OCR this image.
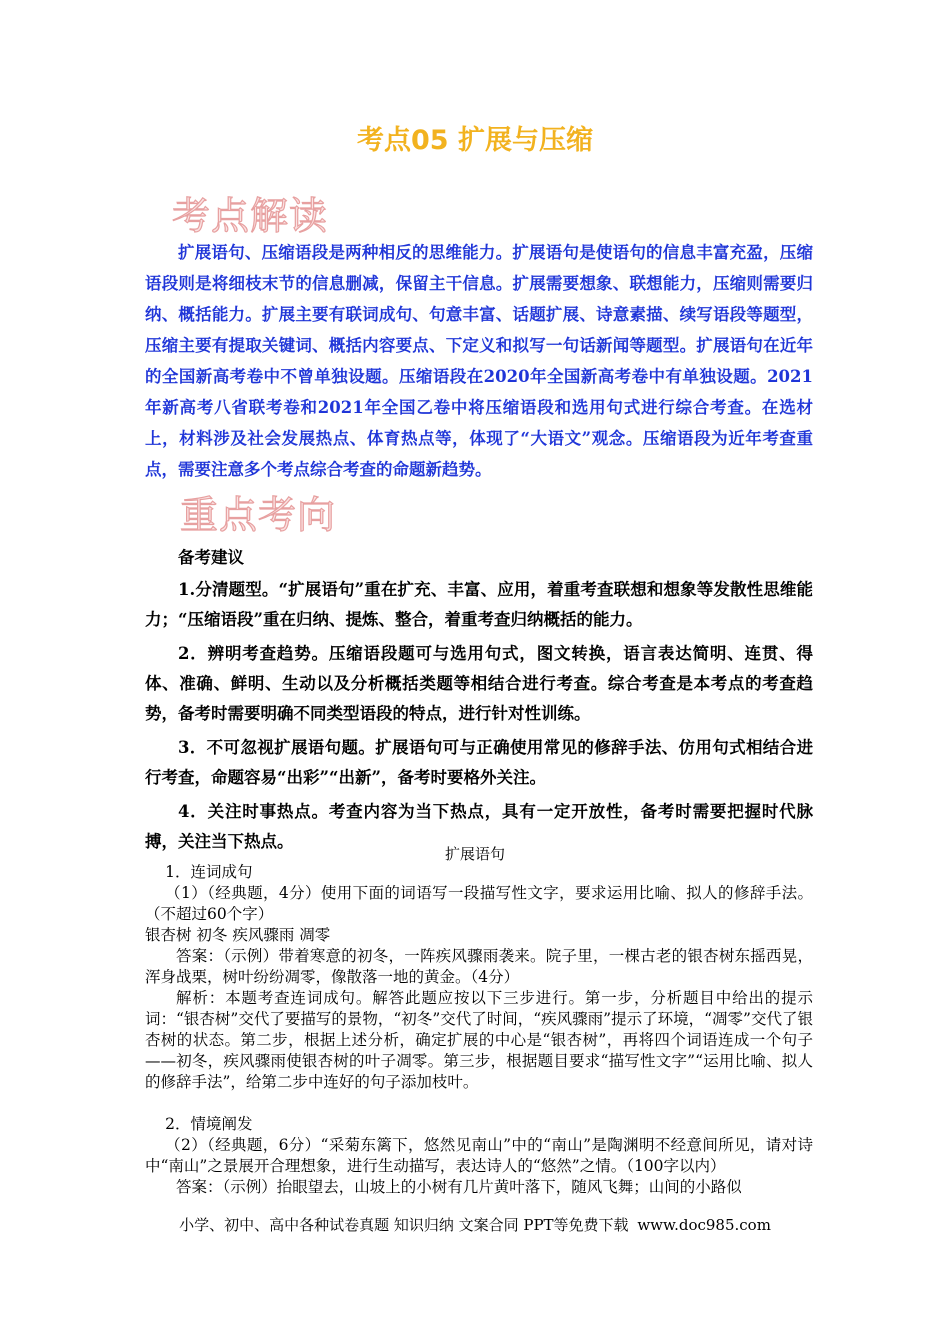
考点05 扩展与压缩
考点解读

扩展语句、压缩语段是两种相反的思维能力。扩展语句是使语句的信息丰富充盈，压缩语段则是将细枝末节的信息删减，保留主干信息。扩展需要想象、联想能力，压缩则需要归纳、概括能力。扩展主要有联词成句、句意丰富、话题扩展、诗意素描、续写语段等题型，压缩主要有提取关键词、概括内容要点、下定义和拟写一句话新闻等题型。扩展语句在近年的全国新高考卷中不曾单独设题。压缩语段在2020年全国新高考卷中有单独设题。2021年新高考八省联考卷和2021年全国乙卷中将压缩语段和选用句式进行综合考查。在选材上，材料涉及社会发展热点、体育热点等，体现了“大语文”观念。压缩语段为近年考查重点，需要注意多个考点综合考查的命题新趋势。

重点考向

备考建议

1.分清题型。“扩展语句”重在扩充、丰富、应用，着重考查联想和想象等发散性思维能力；“压缩语段”重在归纳、提炼、整合，着重考查归纳概括的能力。

2．辨明考查趋势。压缩语段题可与选用句式，图文转换，语言表达简明、连贯、得体、准确、鲜明、生动以及分析概括类题等相结合进行考查。综合考查是本考点的考查趋势，备考时需要明确不同类型语段的特点，进行针对性训练。

3．不可忽视扩展语句题。扩展语句可与正确使用常见的修辞手法、仿用句式相结合进行考查，命题容易“出彩”“出新”，备考时要格外关注。

4．关注时事热点。考查内容为当下热点，具有一定开放性，备考时需要把握时代脉搏，关注当下热点。

扩展语句

1．连词成句

（1）（经典题，4分）使用下面的词语写一段描写性文字，要求运用比喻、拟人的修辞手法。（不超过60个字）

银杏树 初冬 疾风骤雨 凋零

答案：（示例）带着寒意的初冬，一阵疾风骤雨袭来。院子里，一棵古老的银杏树东摇西晃，浑身战栗，树叶纷纷凋零，像散落一地的黄金。（4分）

解析：本题考查连词成句。解答此题应按以下三步进行。第一步，分析题目中给出的提示词：“银杏树”交代了要描写的景物，“初冬”交代了时间，“疾风骤雨”提示了环境，“凋零”交代了银杏树的状态。第二步，根据上述分析，确定扩展的中心是“银杏树”，再将四个词语连成一个句子——初冬，疾风骤雨使银杏树的叶子凋零。第三步，根据题目要求“描写性文字”“运用比喻、拟人的修辞手法”，给第二步中连好的句子添加枝叶。

2．情境阐发

（2）（经典题，6分）“采菊东篱下，悠然见南山”中的“南山”是陶渊明不经意间所见，请对诗中“南山”之景展开合理想象，进行生动描写，表达诗人的“悠然”之情。（100字以内）

答案：（示例）抬眼望去，山坡上的小树有几片黄叶落下，随风飞舞；山间的小路似

小学、初中、高中各种试卷真题 知识归纳 文案合同 PPT等免费下载 www.doc985.com
